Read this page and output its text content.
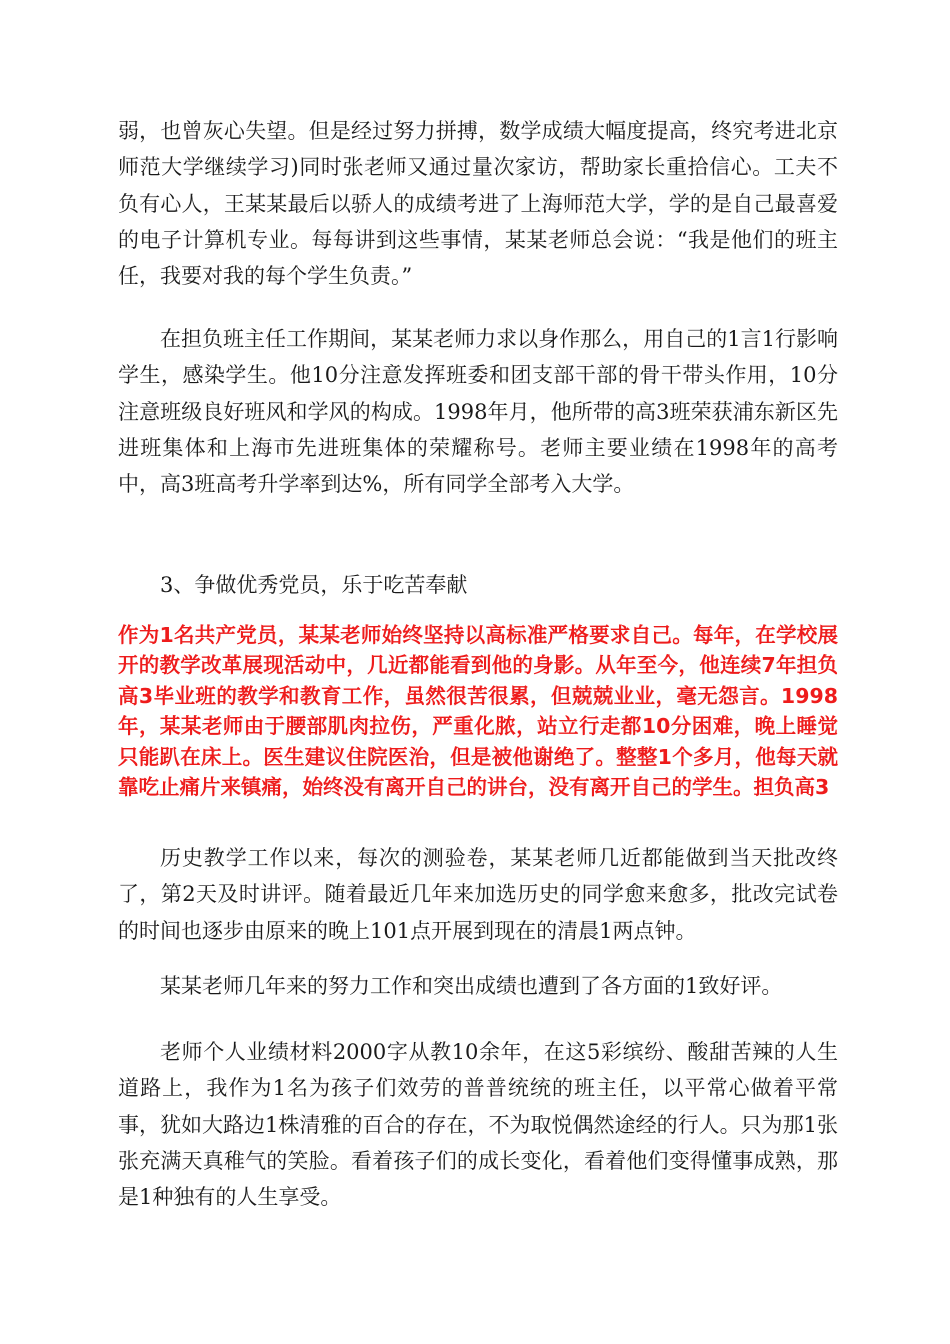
弱，也曾灰心失望。但是经过努力拼搏，数学成绩大幅度提高，终究考进北京师范大学继续学习)同时张老师又通过量次家访，帮助家长重拾信心。工夫不负有心人，王某某最后以骄人的成绩考进了上海师范大学，学的是自己最喜爱的电子计算机专业。每每讲到这些事情，某某老师总会说：“我是他们的班主任，我要对我的每个学生负责。”

在担负班主任工作期间，某某老师力求以身作那么，用自己的1言1行影响学生，感染学生。他10分注意发挥班委和团支部干部的骨干带头作用，10分注意班级良好班风和学风的构成。1998年月，他所带的高3班荣获浦东新区先进班集体和上海市先进班集体的荣耀称号。老师主要业绩在1998年的高考中，高3班高考升学率到达%，所有同学全部考入大学。

3、争做优秀党员，乐于吃苦奉献

作为1名共产党员，某某老师始终坚持以高标准严格要求自己。每年，在学校展开的教学改革展现活动中，几近都能看到他的身影。从年至今，他连续7年担负高3毕业班的教学和教育工作，虽然很苦很累，但兢兢业业，毫无怨言。1998年，某某老师由于腰部肌肉拉伤，严重化脓，站立行走都10分困难，晚上睡觉只能趴在床上。医生建议住院医治，但是被他谢绝了。整整1个多月，他每天就靠吃止痛片来镇痛，始终没有离开自己的讲台，没有离开自己的学生。担负高3

历史教学工作以来，每次的测验卷，某某老师几近都能做到当天批改终了，第2天及时讲评。随着最近几年来加选历史的同学愈来愈多，批改完试卷的时间也逐步由原来的晚上101点开展到现在的清晨1两点钟。

某某老师几年来的努力工作和突出成绩也遭到了各方面的1致好评。

老师个人业绩材料2000字从教10余年，在这5彩缤纷、酸甜苦辣的人生道路上，我作为1名为孩子们效劳的普普统统的班主任，以平常心做着平常事，犹如大路边1株清雅的百合的存在，不为取悦偶然途经的行人。只为那1张张充满天真稚气的笑脸。看着孩子们的成长变化，看着他们变得懂事成熟，那是1种独有的人生享受。
